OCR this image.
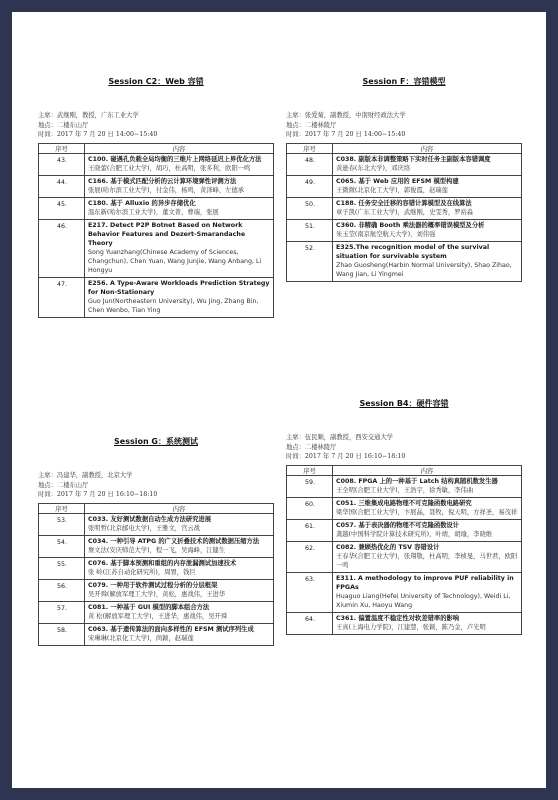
Session C2：Web 容错
主席：武继刚，教授，广东工业大学
地点：二楼东山厅
时间：2017 年 7 月 20 日 14:00−15:40
序号	内容
43.	C100. 碰遇孔负载全局均衡的三维片上网络延迟上界优化方法
王晓蕾(合肥工业大学)，胡巧，杜高明，张多利，欧阳一鸣

44.	C166. 基于模式匹配分析的云计算环境弹性评测方法
张展(哈尔滨工业大学)，付金伟，杨鸣，黄泽峰，左德承

45.	C180. 基于 Alluxio 的异步存储优化
温东新(哈尔滨工业大学)，董文菁，曹瑞，张展

46.	E217. Detect P2P Botnet Based on Network Behavior Features and Dezert-Smarandache Theory
Song Yuanzhang(Chinese Academy of Sciences, Changchun), Chen Yuan, Wang Junjie, Wang Anbang, Li Hongyu

47.	E256. A Type-Aware Workloads Prediction Strategy for Non-Stationary
Guo Jun(Northeastern University), Wu Jing, Zhang Bin, Chen Wenbo, Tian Ying
Session F：容错模型
主席：张爱菊，副教授，中南财经政法大学
地点：二楼林陵厅
时间：2017 年 7 月 20 日 14:00−15:40
序号	内容
48.	C038. 副版本非调整策略下实时任务主副版本容错调度
黄逊春(东北大学)，邓庆络

49.	C065. 基于 Web 应用的 EFSM 模型构建
王微微(北京化工大学)，郭俊霞，赵瑞莲

50.	C188. 任务安全迁移的容错计算模型及在线算法
章子凯(广东工业大学)，武继刚，史雯秀，罗裕淼

51.	C360. 非精确 Booth 乘法器的概率错误模型及分析
朱玉莹(南京航空航天大学)，刘伟强

52.	E325.The recognition model of the survival situation for survivable system
Zhao Guosheng(Harbin Normal University), Shao Zihao, Wang Jian, Li Yingmei
Session G：系统测试
主席：冯建华，副教授，北京大学
地点：二楼东山厅
时间：2017 年 7 月 20 日 16:10−18:10
序号	内容
53.	C033. 友好测试数据自动生成方法研究进展
张明哲(北京邮电大学)，王雅文，宫云战

54.	C034. 一种引导 ATPG 的广义折叠技术的测试数据压缩方法
詹文法(安庆师范大学)，程一飞，吴海峰，江健生

55.	C076. 基于脚本预测和重组的内存泄漏测试加速技术
张 岭(江苏自动化研究所)，周胃，钱巨

56.	C079. 一种用于软件测试过程分析的分层框架
吴开舜(解放军理工大学)，黄松，惠战伟，王进华

57.	C081. 一种基于 GUI 模型的脚本组合方法
黄 松(解放军理工大学)，王进华，惠战伟，吴开舜

58.	C063. 基于遗传算法的面向多样性的 EFSM 测试序列生成
宋琳琳(北京化工大学)，尚颖，赵瑞莲
Session B4：硬件容错
主席：伍民顺，副教授，西安交通大学
地点：二楼林陵厅
时间：2017 年 7 月 20 日 16:10−18:10
序号	内容
59.	C008. FPGA 上的一种基于 Latch 结构真随机数发生器
王全明(合肥工业大学)，王浩宇，徐秀敏，李伟曲

60.	C051. 三维集成电路物理不可克隆函数电路研究
梁华国(合肥工业大学)，卞展晶，聂牧，倪天明，方祥圣，易茂祥

61.	C057. 基于表决器的物理不可克隆函数设计
龚越(中国科学院计算技术研究所)，叶靖，胡瑜，李晓维

62.	C082. 兼顾热优化的 TSV 容错设计
王春华(合肥工业大学)，张翔敬，杜高明，李桢旻，马世君，欧阳一鸣

63.	E311. A methodology to improve PUF reliability in FPGAs
Huaguo Liang(Hefei University of Technology), Weidi Li, Xiumin Xu, Haoyu Wang

64.	C361. 偏置温度不稳定性对软差错率的影响
王真(上海电力学院)，江建慧，张颖，陈乃金，卢光明
